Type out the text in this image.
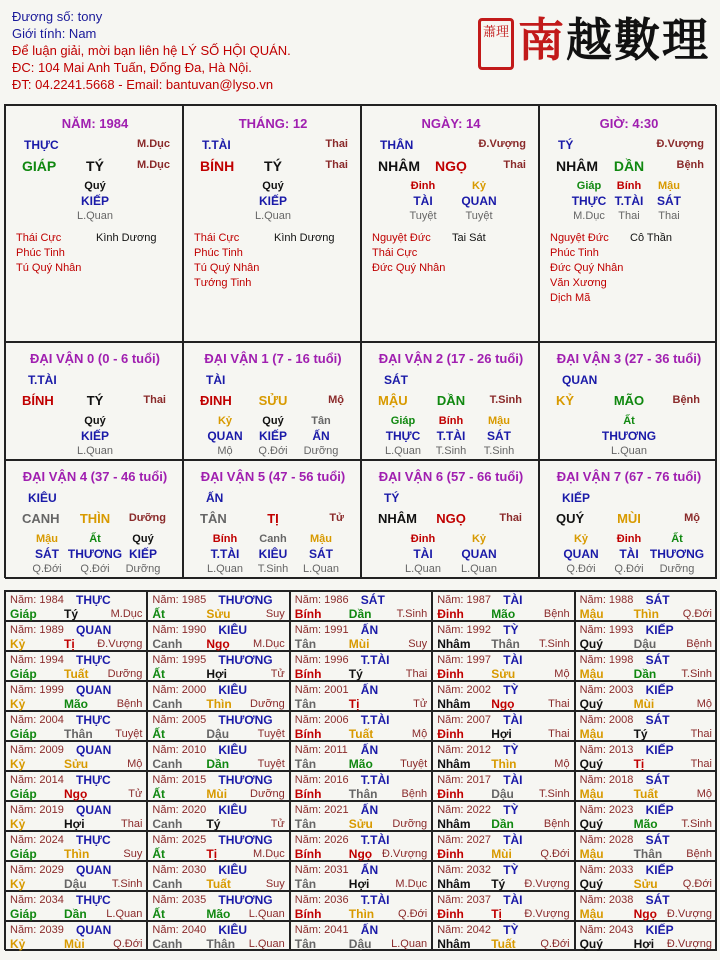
Đương số: tony
Giới tính: Nam
Để luận giải, mời bạn liên hệ LÝ SỐ HỘI QUÁN.
ĐC: 104 Mai Anh Tuấn, Đống Đa, Hà Nội.
ĐT: 04.2241.5668 - Email: bantuvan@lyso.vn
蕭理 南越數理
NĂM: 1984
THỰC	M.Dục
GIÁP TÝ	M.Dục
Quý
KIẾP
L.Quan
Thái Cực	Kình Dương
Phúc Tinh
Tú Quý Nhân
THÁNG: 12
T.TÀI	Thai
BÍNH TÝ	Thai
Quý
KIẾP
L.Quan
Thái Cực	Kình Dương
Phúc Tinh
Tú Quý Nhân
Tướng Tinh
NGÀY: 14
THÂN	Đ.Vượng
NHÂM NGỌ	Thai
Đinh	Kỷ
TÀI QUAN
Tuyệt	Tuyệt
Nguyệt Đức Tai Sát
Thái Cực
Đức Quý Nhân
GIỜ: 4:30
TÝ	Đ.Vượng
NHÂM DẦN	Bệnh
Giáp Bính Mậu
THỰC T.TÀI SÁT
M.Dục Thai Thai
Nguyệt Đức Cô Thần
Phúc Tinh
Đức Quý Nhân
Văn Xương
Dịch Mã
ĐẠI VẬN 0 (0 - 6 tuổi)
T.TÀI
BÍNH	TÝ	Thai
Quý
KIẾP
L.Quan
ĐẠI VẬN 1 (7 - 16 tuổi)
TÀI
ĐINH SỬU	Mộ
Kỷ	Quý	Tân
QUAN KIẾP ẤN
Mộ Q.Đới Dưỡng
ĐẠI VẬN 2 (17 - 26 tuổi)
SÁT
MẬU DẦN T.Sinh
Giáp Bính Mậu
THỰC T.TÀI SÁT
L.Quan T.Sinh T.Sinh
ĐẠI VẬN 3 (27 - 36 tuổi)
QUAN
KỶ	MÃO	Bệnh
Ất
THƯƠNG
L.Quan
ĐẠI VẬN 4 (37 - 46 tuổi)
KIÊU
CANH THÌN Dưỡng
Mậu	Ất	Quý
SÁT THƯƠNG KIẾP
Q.Đới Q.Đới Dưỡng
ĐẠI VẬN 5 (47 - 56 tuổi)
ẤN
TÂN	TỊ	Tử
Bính Canh Mậu
T.TÀI KIÊU SÁT
L.Quan T.Sinh L.Quan
ĐẠI VẬN 6 (57 - 66 tuổi)
TÝ
NHÂM NGỌ	Thai
Đinh	Kỷ
TÀI QUAN
L.Quan L.Quan
ĐẠI VẬN 7 (67 - 76 tuổi)
KIẾP
QUÝ	MÙI	Mộ
Kỷ	Đinh	Ất
QUAN TÀI THƯƠNG
Q.Đới Q.Đới Dưỡng
Năm: 1984 THỰC
Giáp Tý	M.Dục
Năm: 1985 THƯƠNG
Ất	Sửu	Suy
Năm: 1986 SÁT
Bính Dần T.Sinh
Năm: 1987 TÀI
Đinh Mão	Bệnh
Năm: 1988 SÁT
Mậu	Thìn Q.Đới
Năm: 1989 QUAN
Kỷ	Tị Đ.Vượng
Năm: 1990 KIÊU
Canh Ngọ M.Dục
Năm: 1991 ẤN
Tân	Mùi	Suy
Năm: 1992 TỲ
Nhâm Thân T.Sinh
Năm: 1993 KIẾP
Quý	Dậu	Bệnh
Năm: 1994 THỰC
Giáp Tuất Dưỡng
Năm: 1995 THƯƠNG
Ất	Hợi	Tử
Năm: 1996 T.TÀI
Bính Tý	Thai
Năm: 1997 TÀI
Đinh Sửu	Mộ
Năm: 1998 SÁT
Mậu	Dần T.Sinh
Năm: 1999 QUAN
Kỷ	Mão	Bệnh
Năm: 2000 KIÊU
Canh Thìn Dưỡng
Năm: 2001 ẤN
Tân	Tị	Tử
Năm: 2002 TỲ
Nhâm Ngọ	Thai
Năm: 2003 KIẾP
Quý	Mùi	Mộ
Năm: 2004 THỰC
Giáp Thân Tuyệt
Năm: 2005 THƯƠNG
Ất	Dậu	Tuyệt
Năm: 2006 T.TÀI
Bính Tuất	Mộ
Năm: 2007 TÀI
Đinh Hợi	Thai
Năm: 2008 SÁT
Mậu	Tý	Thai
Năm: 2009 QUAN
Kỷ	Sửu	Mộ
Năm: 2010 KIÊU
Canh Dần	Tuyệt
Năm: 2011 ẤN
Tân	Mão Tuyệt
Năm: 2012 TỲ
Nhâm Thìn	Mộ
Năm: 2013 KIẾP
Quý	Tị	Thai
Năm: 2014 THỰC
Giáp Ngọ	Tử
Năm: 2015 THƯƠNG
Ất	Mùi Dưỡng
Năm: 2016 T.TÀI
Bính Thân Bệnh
Năm: 2017 TÀI
Đinh Dậu T.Sinh
Năm: 2018 SÁT
Mậu	Tuất	Mộ
Năm: 2019 QUAN
Kỷ	Hợi	Thai
Năm: 2020 KIÊU
Canh Tý	Tử
Năm: 2021 ẤN
Tân	Sửu Dưỡng
Năm: 2022 TỲ
Nhâm Dần	Bệnh
Năm: 2023 KIẾP
Quý	Mão T.Sinh
Năm: 2024 THỰC
Giáp Thìn	Suy
Năm: 2025 THƯƠNG
Ất	Tị	M.Dục
Năm: 2026 T.TÀI
Bính Ngọ Đ.Vượng
Năm: 2027 TÀI
Đinh Mùi	Q.Đới
Năm: 2028 SÁT
Mậu	Thân Bệnh
Năm: 2029 QUAN
Kỷ	Dậu T.Sinh
Năm: 2030 KIÊU
Canh Tuất	Suy
Năm: 2031 ẤN
Tân	Hợi M.Dục
Năm: 2032 TỲ
Nhâm Tý Đ.Vượng
Năm: 2033 KIẾP
Quý	Sửu Q.Đới
Năm: 2034 THỰC
Giáp Dần L.Quan
Năm: 2035 THƯƠNG
Ất	Mão L.Quan
Năm: 2036 T.TÀI
Bính Thìn Q.Đới
Năm: 2037 TÀI
Đinh Tị Đ.Vượng
Năm: 2038 SÁT
Mậu	Ngọ Đ.Vượng
Năm: 2039 QUAN
Kỷ	Mùi	Q.Đới
Năm: 2040 KIÊU
Canh Thân L.Quan
Năm: 2041 ẤN
Tân	Dậu L.Quan
Năm: 2042 TỲ
Nhâm Tuất Q.Đới
Năm: 2043 KIẾP
Quý	Hợi Đ.Vượng
